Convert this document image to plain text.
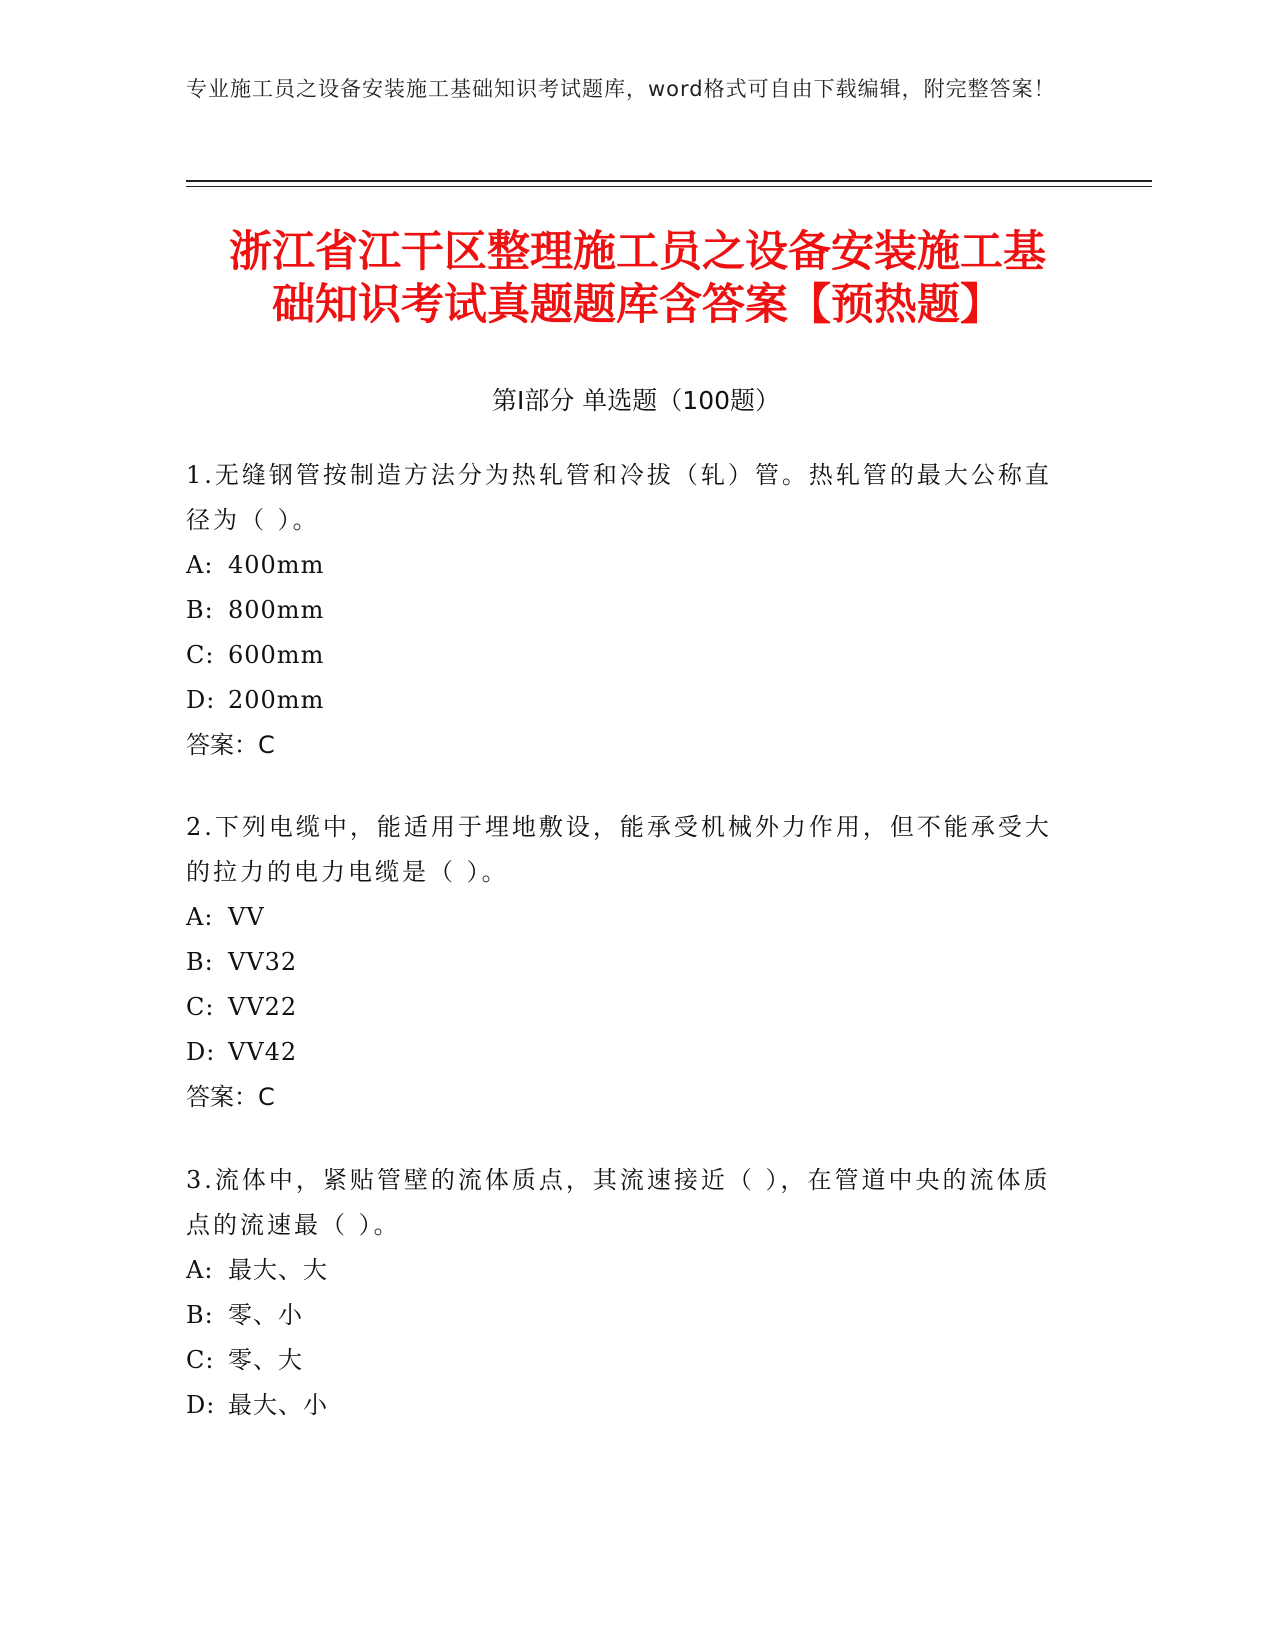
专业施工员之设备安装施工基础知识考试题库，word格式可自由下载编辑，附完整答案！
浙江省江干区整理施工员之设备安装施工基
础知识考试真题题库含答案【预热题】
第Ⅰ部分 单选题（100题）

1.无缝钢管按制造方法分为热轧管和冷拔（轧）管。热轧管的最大公称直径为（ ）。

A: 400mm

B: 800mm

C: 600mm

D: 200mm

答案：C

2.下列电缆中，能适用于埋地敷设，能承受机械外力作用，但不能承受大的拉力的电力电缆是（ ）。

A: VV

B: VV32

C: VV22

D: VV42

答案：C

3.流体中，紧贴管壁的流体质点，其流速接近（ ），在管道中央的流体质点的流速最（ ）。

A: 最大、大

B: 零、小

C: 零、大

D: 最大、小
